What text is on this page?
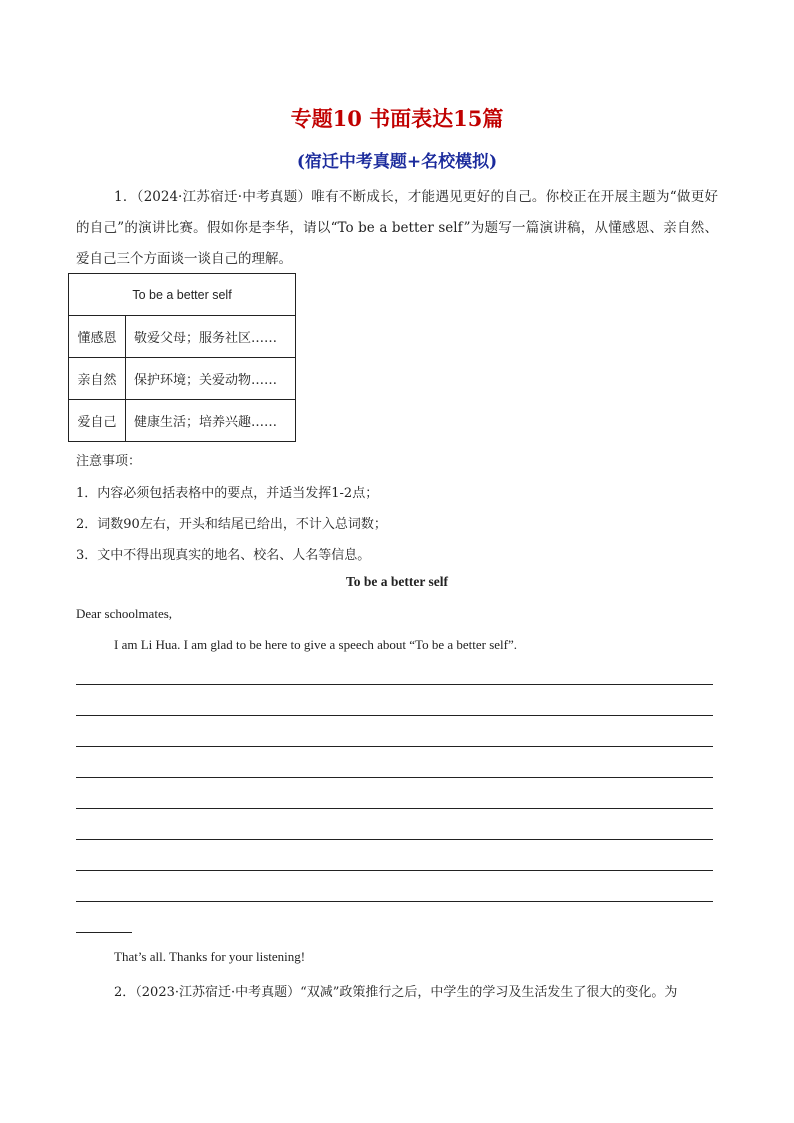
专题10 书面表达15篇
(宿迁中考真题+名校模拟)

1．（2024·江苏宿迁·中考真题）唯有不断成长，才能遇见更好的自己。你校正在开展主题为“做更好的自己”的演讲比赛。假如你是李华，请以“To be a better self”为题写一篇演讲稿，从懂感恩、亲自然、爱自己三个方面谈一谈自己的理解。

To be a better self	
懂感恩	敬爱父母；服务社区……
亲自然	保护环境；关爱动物……
爱自己	健康生活；培养兴趣……

注意事项：

1．内容必须包括表格中的要点，并适当发挥1-2点；

2．词数90左右，开头和结尾已给出，不计入总词数；

3．文中不得出现真实的地名、校名、人名等信息。

To be a better self

Dear schoolmates,

I am Li Hua. I am glad to be here to give a speech about “To be a better self”.

That’s all. Thanks for your listening!

2．（2023·江苏宿迁·中考真题）“双减”政策推行之后，中学生的学习及生活发生了很大的变化。为
